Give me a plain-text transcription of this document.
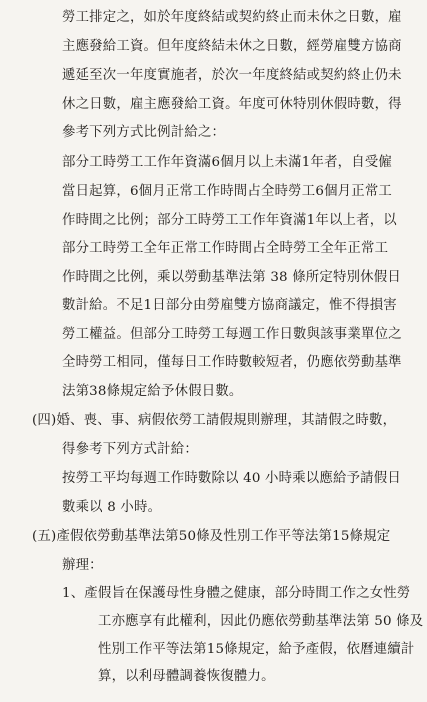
勞工排定之，如於年度終結或契約終止而未休之日數，雇
主應發給工資。但年度終結未休之日數，經勞雇雙方協商
遞延至次一年度實施者，於次一年度終結或契約終止仍未
休之日數，雇主應發給工資。年度可休特別休假時數，得
參考下列方式比例計給之：
部分工時勞工工作年資滿6個月以上未滿1年者，自受僱
當日起算，6個月正常工作時間占全時勞工6個月正常工
作時間之比例；部分工時勞工工作年資滿1年以上者，以
部分工時勞工全年正常工作時間占全時勞工全年正常工
作時間之比例，乘以勞動基準法第 38 條所定特別休假日
數計給。不足1日部分由勞雇雙方協商議定，惟不得損害
勞工權益。但部分工時勞工每週工作日數與該事業單位之
全時勞工相同，僅每日工作時數較短者，仍應依勞動基準
法第38條規定給予休假日數。
(四)婚、喪、事、病假依勞工請假規則辦理，其請假之時數，
得參考下列方式計給：
按勞工平均每週工作時數除以 40 小時乘以應給予請假日
數乘以 8 小時。
(五)產假依勞動基準法第50條及性別工作平等法第15條規定
辦理：
1、產假旨在保護母性身體之健康，部分時間工作之女性勞
工亦應享有此權利，因此仍應依勞動基準法第 50 條及
性別工作平等法第15條規定，給予產假，依曆連續計
算，以利母體調養恢復體力。
